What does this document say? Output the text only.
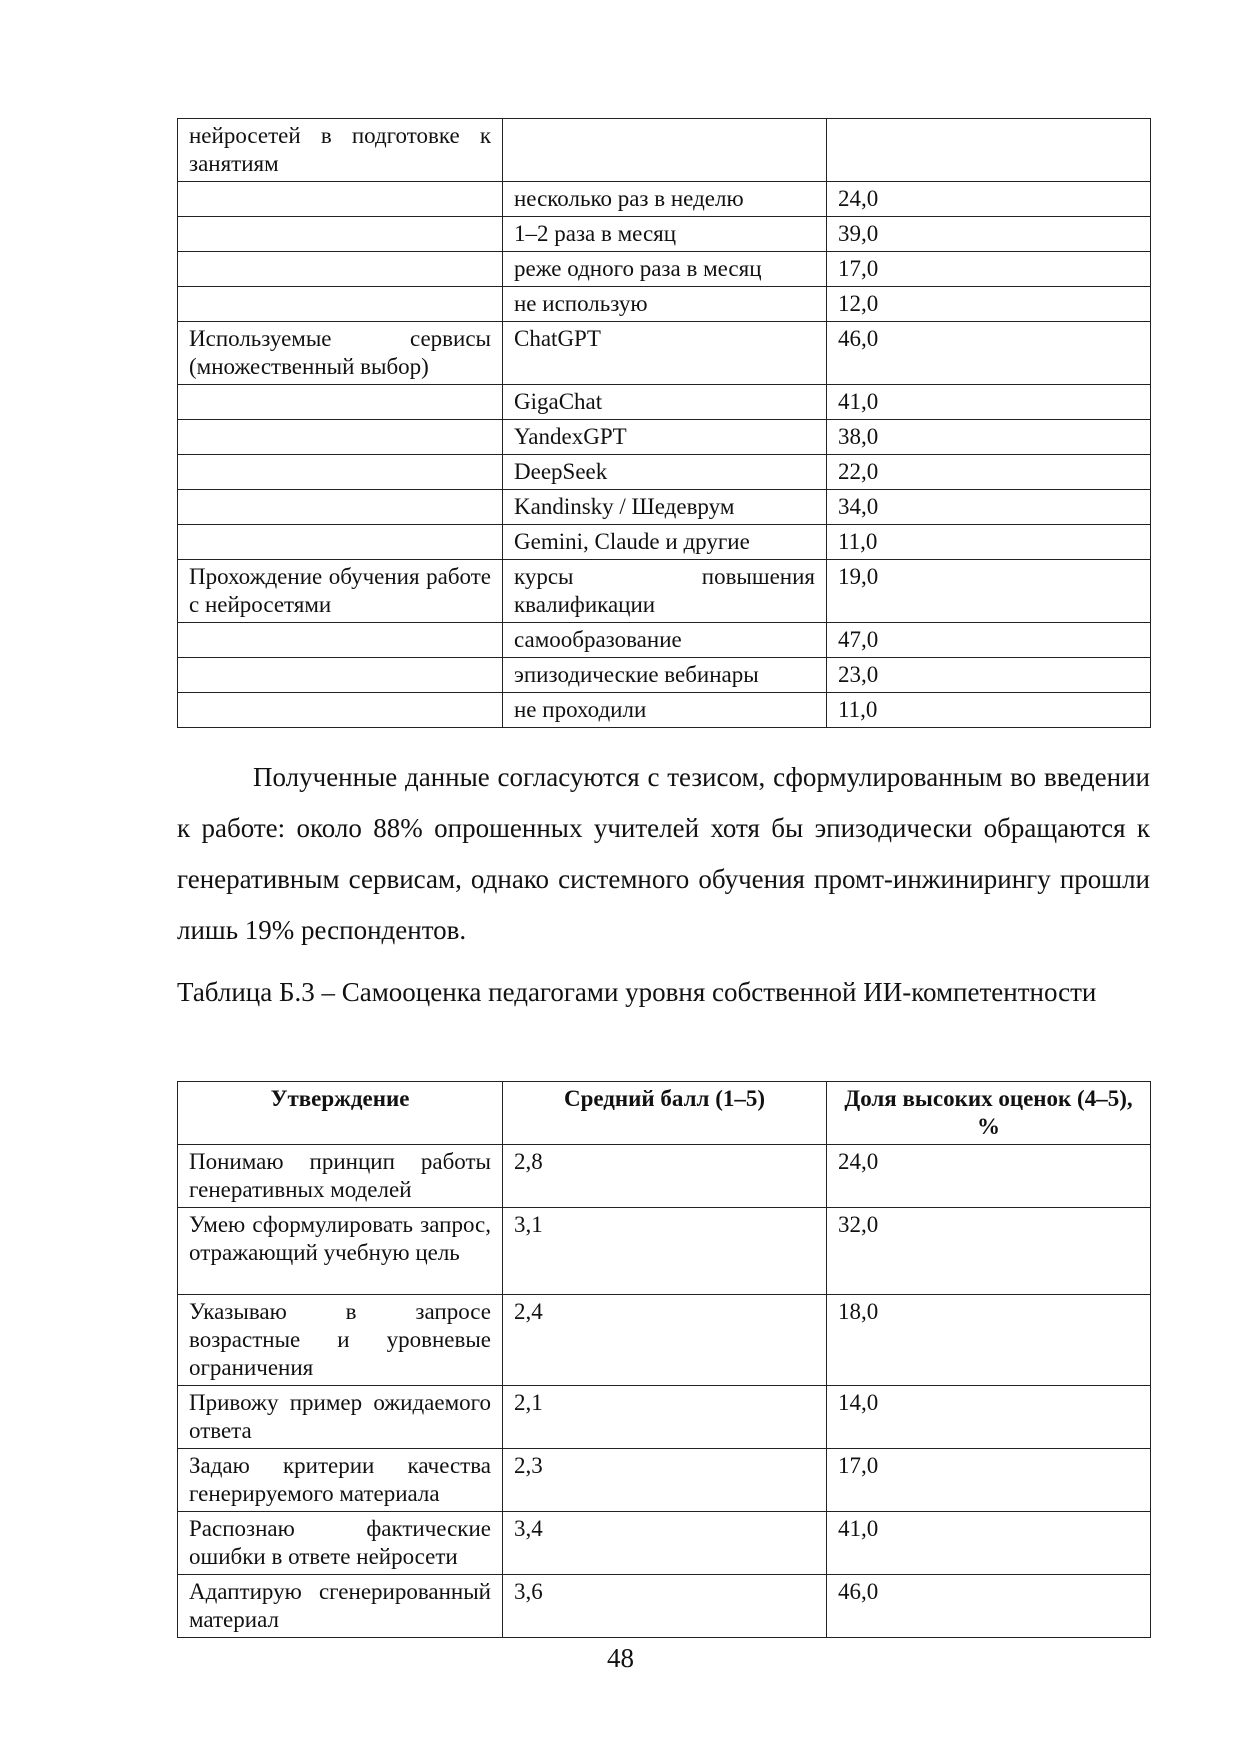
нейросетей в подготовке к занятиям		
	несколько раз в неделю	24,0
	1–2 раза в месяц	39,0
	реже одного раза в месяц	17,0
	не использую	12,0
Используемые сервисы (множественный выбор)	ChatGPT	46,0
	GigaChat	41,0
	YandexGPT	38,0
	DeepSeek	22,0
	Kandinsky / Шедеврум	34,0
	Gemini, Claude и другие	11,0
Прохождение обучения работе с нейросетями	курсы повышения квалификации	19,0
	самообразование	47,0
	эпизодические вебинары	23,0
	не проходили	11,0

Полученные данные согласуются с тезисом, сформулированным во введении к работе: около 88% опрошенных учителей хотя бы эпизодически обращаются к генеративным сервисам, однако системного обучения промт-инжинирингу прошли лишь 19% респондентов.

Таблица Б.3 – Самооценка педагогами уровня собственной ИИ-компетентности

Утверждение	Средний балл (1–5)	Доля высоких оценок (4–5), %
Понимаю принцип работы генеративных моделей	2,8	24,0
Умею сформулировать запрос, отражающий учебную цель	3,1	32,0
Указываю в запросе возрастные и уровневые ограничения	2,4	18,0
Привожу пример ожидаемого ответа	2,1	14,0
Задаю критерии качества генерируемого материала	2,3	17,0
Распознаю фактические ошибки в ответе нейросети	3,4	41,0
Адаптирую сгенерированный материал	3,6	46,0
48
